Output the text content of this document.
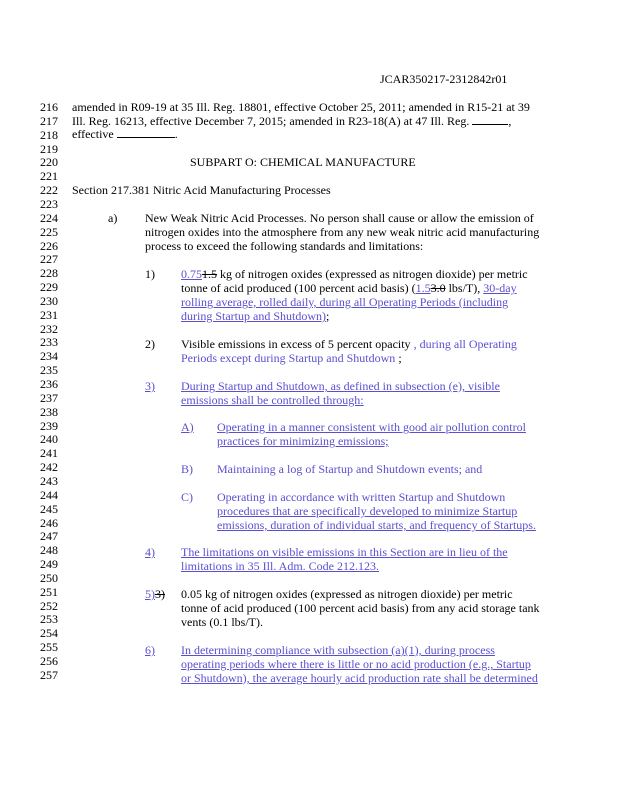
JCAR350217-2312842r01
216
217
218
219
220
221
222
223
224
225
226
227
228
229
230
231
232
233
234
235
236
237
238
239
240
241
242
243
244
245
246
247
248
249
250
251
252
253
254
255
256
257
amended in R09-19 at 35 Ill. Reg. 18801, effective October 25, 2011; amended in R15-21 at 39
Ill. Reg. 16213, effective December 7, 2015; amended in R23-18(A) at 47 Ill. Reg.	,
effective	.
SUBPART O: CHEMICAL MANUFACTURE
Section 217.381 Nitric Acid Manufacturing Processes
a) New Weak Nitric Acid Processes. No person shall cause or allow the emission of
nitrogen oxides into the atmosphere from any new weak nitric acid manufacturing
process to exceed the following standards and limitations:
1) 0.751.5 kg of nitrogen oxides (expressed as nitrogen dioxide) per metric
tonne of acid produced (100 percent acid basis) (1.53.0 lbs/T), 30-day
rolling average, rolled daily, during all Operating Periods (including
during Startup and Shutdown);
2) Visible emissions in excess of 5 percent opacity , during all Operating
Periods except during Startup and Shutdown ;
3) During Startup and Shutdown, as defined in subsection (e), visible
emissions shall be controlled through:
A) Operating in a manner consistent with good air pollution control
practices for minimizing emissions;
B) Maintaining a log of Startup and Shutdown events; and
C) Operating in accordance with written Startup and Shutdown
procedures that are specifically developed to minimize Startup
emissions, duration of individual starts, and frequency of Startups.
4) The limitations on visible emissions in this Section are in lieu of the
limitations in 35 Ill. Adm. Code 212.123.
5)3) 0.05 kg of nitrogen oxides (expressed as nitrogen dioxide) per metric
tonne of acid produced (100 percent acid basis) from any acid storage tank
vents (0.1 lbs/T).
6) In determining compliance with subsection (a)(1), during process
operating periods where there is little or no acid production (e.g., Startup
or Shutdown), the average hourly acid production rate shall be determined
